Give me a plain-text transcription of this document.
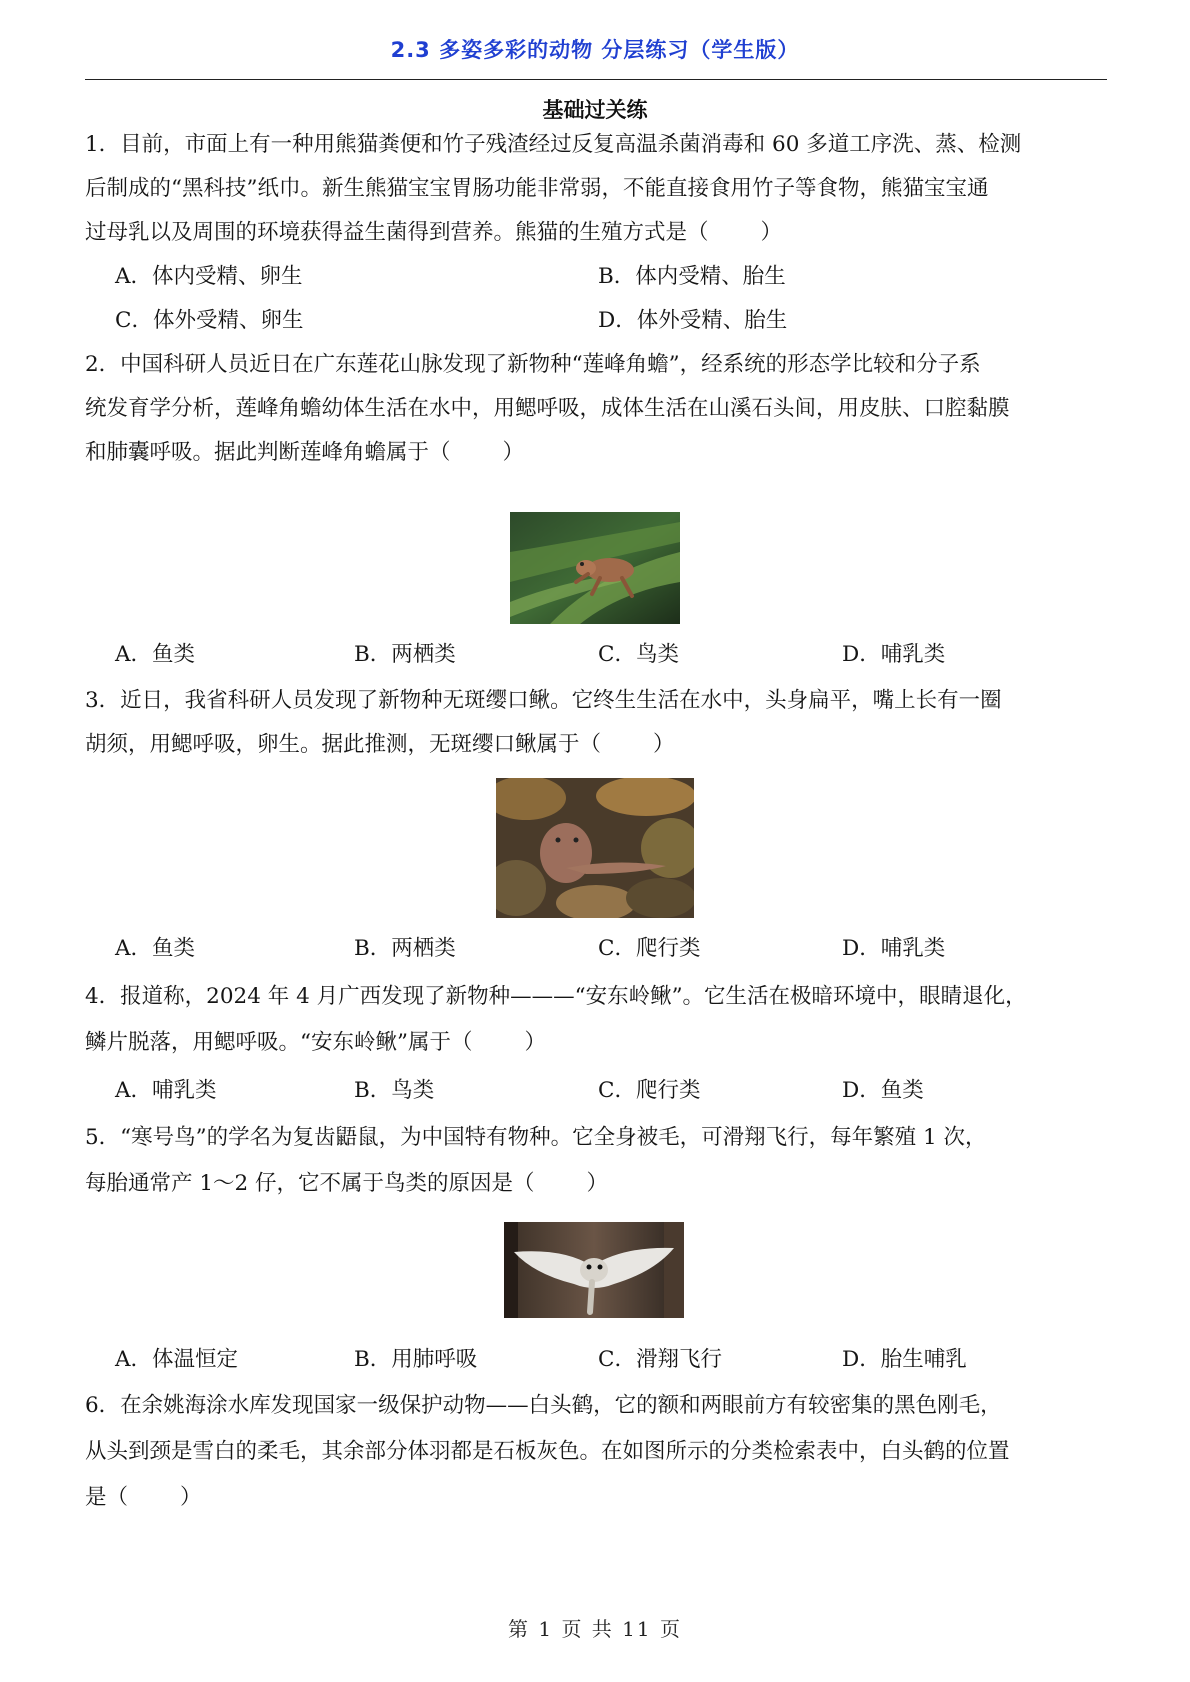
2.3 多姿多彩的动物 分层练习（学生版）
基础过关练
1．目前，市面上有一种用熊猫粪便和竹子残渣经过反复高温杀菌消毒和 60 多道工序洗、蒸、检测
后制成的“黑科技”纸巾。新生熊猫宝宝胃肠功能非常弱，不能直接食用竹子等食物，熊猫宝宝通
过母乳以及周围的环境获得益生菌得到营养。熊猫的生殖方式是（ ）
A．体内受精、卵生	B．体内受精、胎生
C．体外受精、卵生	D．体外受精、胎生
2．中国科研人员近日在广东莲花山脉发现了新物种“莲峰角蟾”，经系统的形态学比较和分子系
统发育学分析，莲峰角蟾幼体生活在水中，用鳃呼吸，成体生活在山溪石头间，用皮肤、口腔黏膜
和肺囊呼吸。据此判断莲峰角蟾属于（ ）
A．鱼类	B．两栖类	C．鸟类	D．哺乳类
3．近日，我省科研人员发现了新物种无斑缨口鳅。它终生生活在水中，头身扁平，嘴上长有一圈
胡须，用鳃呼吸，卵生。据此推测，无斑缨口鳅属于（ ）
A．鱼类	B．两栖类	C．爬行类	D．哺乳类
4．报道称，2024 年 4 月广西发现了新物种———“安东岭鳅”。它生活在极暗环境中，眼睛退化，
鳞片脱落，用鳃呼吸。“安东岭鳅”属于（ ）
A．哺乳类	B．鸟类	C．爬行类	D．鱼类
5．“寒号鸟”的学名为复齿鼯鼠，为中国特有物种。它全身被毛，可滑翔飞行，每年繁殖 1 次，
每胎通常产 1～2 仔，它不属于鸟类的原因是（ ）
A．体温恒定	B．用肺呼吸	C．滑翔飞行	D．胎生哺乳
6．在余姚海涂水库发现国家一级保护动物——白头鹤，它的额和两眼前方有较密集的黑色刚毛，
从头到颈是雪白的柔毛，其余部分体羽都是石板灰色。在如图所示的分类检索表中，白头鹤的位置
是（ ）
第 1 页 共 11 页
